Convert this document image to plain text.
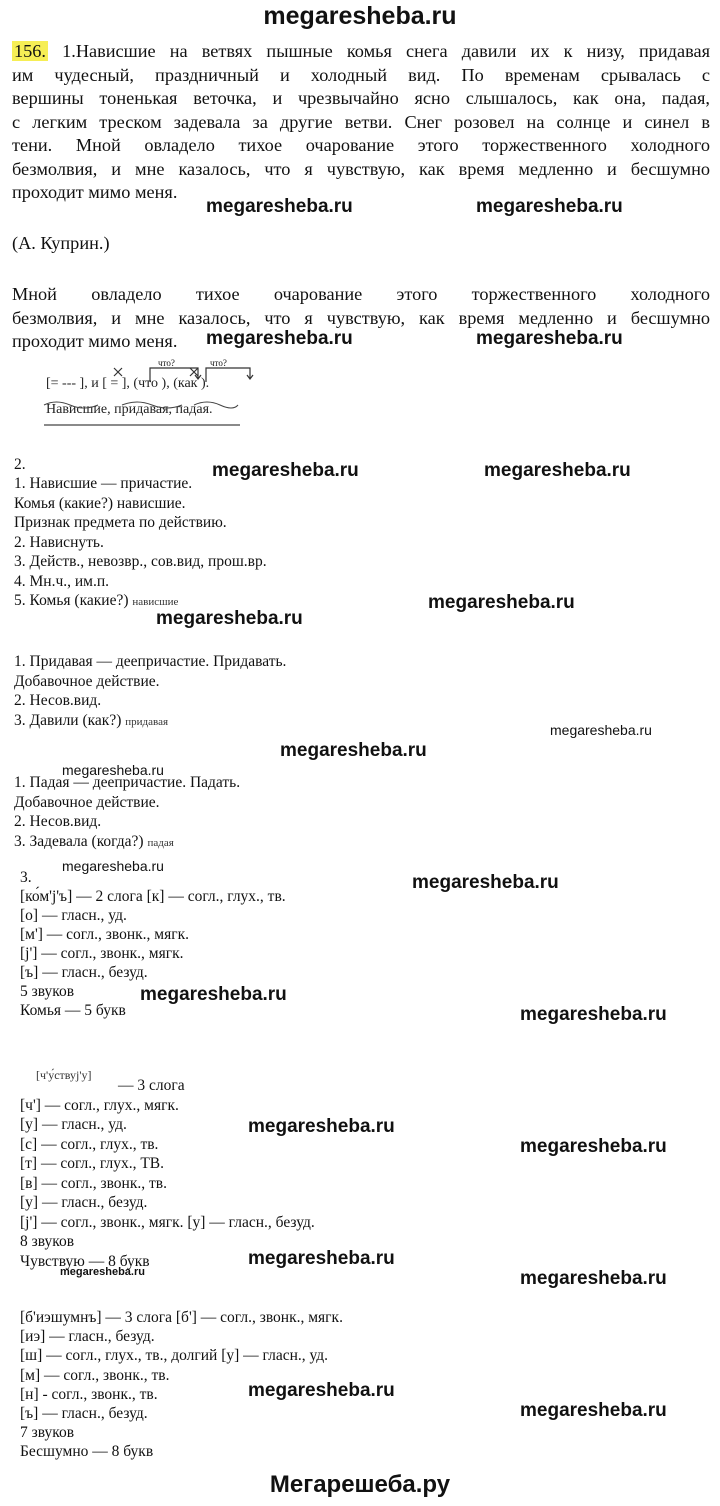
megaresheba.ru
156. 1.Нависшие на ветвях пышные комья снега давили их к низу, придавая
им чудесный, праздничный и холодный вид. По временам срывалась с
вершины тоненькая веточка, и чрезвычайно ясно слышалось, как она, падая,
с легким треском задевала за другие ветви. Снег розовел на солнце и синел в
тени. Мной овладело тихое очарование этого торжественного холодного
безмолвия, и мне казалось, что я чувствую, как время медленно и бесшумно
проходит мимо меня.
(А. Куприн.)
Мной овладело тихое очарование этого торжественного холодного
безмолвия, и мне казалось, что я чувствую, как время медленно и бесшумно
проходит мимо меня.
что?	что?
[= --- ], и [ = ], (что ), (как ).
Нависшие, придавая, падая.
2.
1. Нависшие — причастие.
Комья (какие?) нависшие.
Признак предмета по действию.
2. Нависнуть.
3. Действ., невозвр., сов.вид, прош.вр.
4. Мн.ч., им.п.
5. Комья (какие?) нависшие
1. Придавая — деепричастие. Придавать.
Добавочное действие.
2. Несов.вид.
3. Давили (как?) придавая
1. Падая — деепричастие. Падать.
Добавочное действие.
2. Несов.вид.
3. Задевала (когда?) падая
3.
[ко́м'j'ъ] — 2 слога [к] — согл., глух., тв.
[о] — гласн., уд.
[м'] — согл., звонк., мягк.
[j'] — согл., звонк., мягк.
[ъ] — гласн., безуд.
5 звуков
Комья — 5 букв
[ч'у́ствуj'у]
— 3 слога
[ч'] — согл., глух., мягк.
[у] — гласн., уд.
[с] — согл., глух., тв.
[т] — согл., глух., ТВ.
[в] — согл., звонк., тв.
[у] — гласн., безуд.
[j'] — согл., звонк., мягк. [у] — гласн., безуд.
8 звуков
Чувствую — 8 букв
[б'иэшумнъ] — 3 слога [б'] — согл., звонк., мягк.
[иэ] — гласн., безуд.
[ш] — согл., глух., тв., долгий [у] — гласн., уд.
[м] — согл., звонк., тв.
[н] - согл., звонк., тв.
[ъ] — гласн., безуд.
7 звуков
Бесшумно — 8 букв
megaresheba.ru	megaresheba.ru
megaresheba.ru	megaresheba.ru
megaresheba.ru	megaresheba.ru
megaresheba.ru
megaresheba.ru
megaresheba.ru
megaresheba.ru
megaresheba.ru
megaresheba.ru
megaresheba.ru
megaresheba.ru
megaresheba.ru
megaresheba.ru
megaresheba.ru
megaresheba.ru
megaresheba.ru	megaresheba.ru
megaresheba.ru
megaresheba.ru
Мегарешеба.ру
